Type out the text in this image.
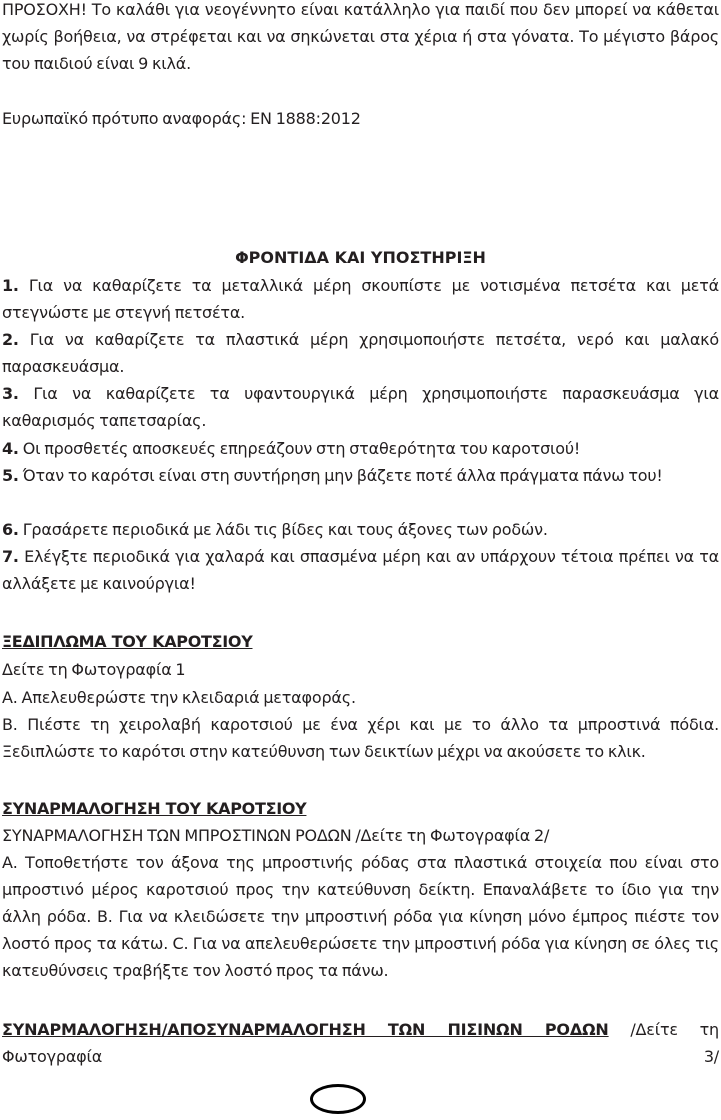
ΠΡΟΣΟΧΗ! Το καλάθι για νεογέννητο είναι κατάλληλο για παιδί που δεν μπορεί να κάθεται χωρίς βοήθεια, να στρέφεται και να σηκώνεται στα χέρια ή στα γόνατα. Το μέγιστο βάρος του παιδιού είναι 9 κιλά.

Ευρωπαϊκό πρότυπο αναφοράς: EN 1888:2012

ΦΡΟΝΤΙΔΑ ΚΑΙ ΥΠΟΣΤΗΡΙΞΗ

1. Για να καθαρίζετε τα μεταλλικά μέρη σκουπίστε με νοτισμένα πετσέτα και μετά στεγνώστε με στεγνή πετσέτα.

2. Για να καθαρίζετε τα πλαστικά μέρη χρησιμοποιήστε πετσέτα, νερό και μαλακό παρασκευάσμα.

3. Για να καθαρίζετε τα υφαντουργικά μέρη χρησιμοποιήστε παρασκευάσμα για καθαρισμός ταπετσαρίας.

4. Οι προσθετές αποσκευές επηρεάζουν στη σταθερότητα του καροτσιού!

5. Όταν το καρότσι είναι στη συντήρηση μην βάζετε ποτέ άλλα πράγματα πάνω του!

6. Γρασάρετε περιοδικά με λάδι τις βίδες και τους άξονες των ροδών.

7. Ελέγξτε περιοδικά για χαλαρά και σπασμένα μέρη και αν υπάρχουν τέτοια πρέπει να τα αλλάξετε με καινούργια!

ΞΕΔΙΠΛΩΜΑ ΤΟΥ ΚΑΡΟΤΣΙΟΥ

Δείτε τη Φωτογραφία 1

Α. Απελευθερώστε την κλειδαριά μεταφοράς.

Β. Πιέστε τη χειρολαβή καροτσιού με ένα χέρι και με το άλλο τα μπροστινά πόδια. Ξεδιπλώστε το καρότσι στην κατεύθυνση των δεικτίων μέχρι να ακούσετε το κλικ.

ΣΥΝΑΡΜΑΛΟΓΗΣΗ ΤΟΥ ΚΑΡΟΤΣΙΟΥ

ΣΥΝΑΡΜΑΛΟΓΗΣΗ ΤΩΝ ΜΠΡΟΣΤΙΝΩΝ ΡΟΔΩΝ /Δείτε τη Φωτογραφία 2/

Α. Τοποθετήστε τον άξονα της μπροστινής ρόδας στα πλαστικά στοιχεία που είναι στο μπροστινό μέρος καροτσιού προς την κατεύθυνση δείκτη. Επαναλάβετε το ίδιο για την άλλη ρόδα. Β. Για να κλειδώσετε την μπροστινή ρόδα για κίνηση μόνο έμπρος πιέστε τον λοστό προς τα κάτω. C. Για να απελευθερώσετε την μπροστινή ρόδα για κίνηση σε όλες τις κατευθύνσεις τραβήξτε τον λοστό προς τα πάνω.

ΣΥΝΑΡΜΑΛΟΓΗΣΗ/ΑΠΟΣΥΝΑΡΜΑΛΟΓΗΣΗ ΤΩΝ ΠΙΣΙΝΩΝ ΡΟΔΩΝ /Δείτε τη Φωτογραφία 3/
